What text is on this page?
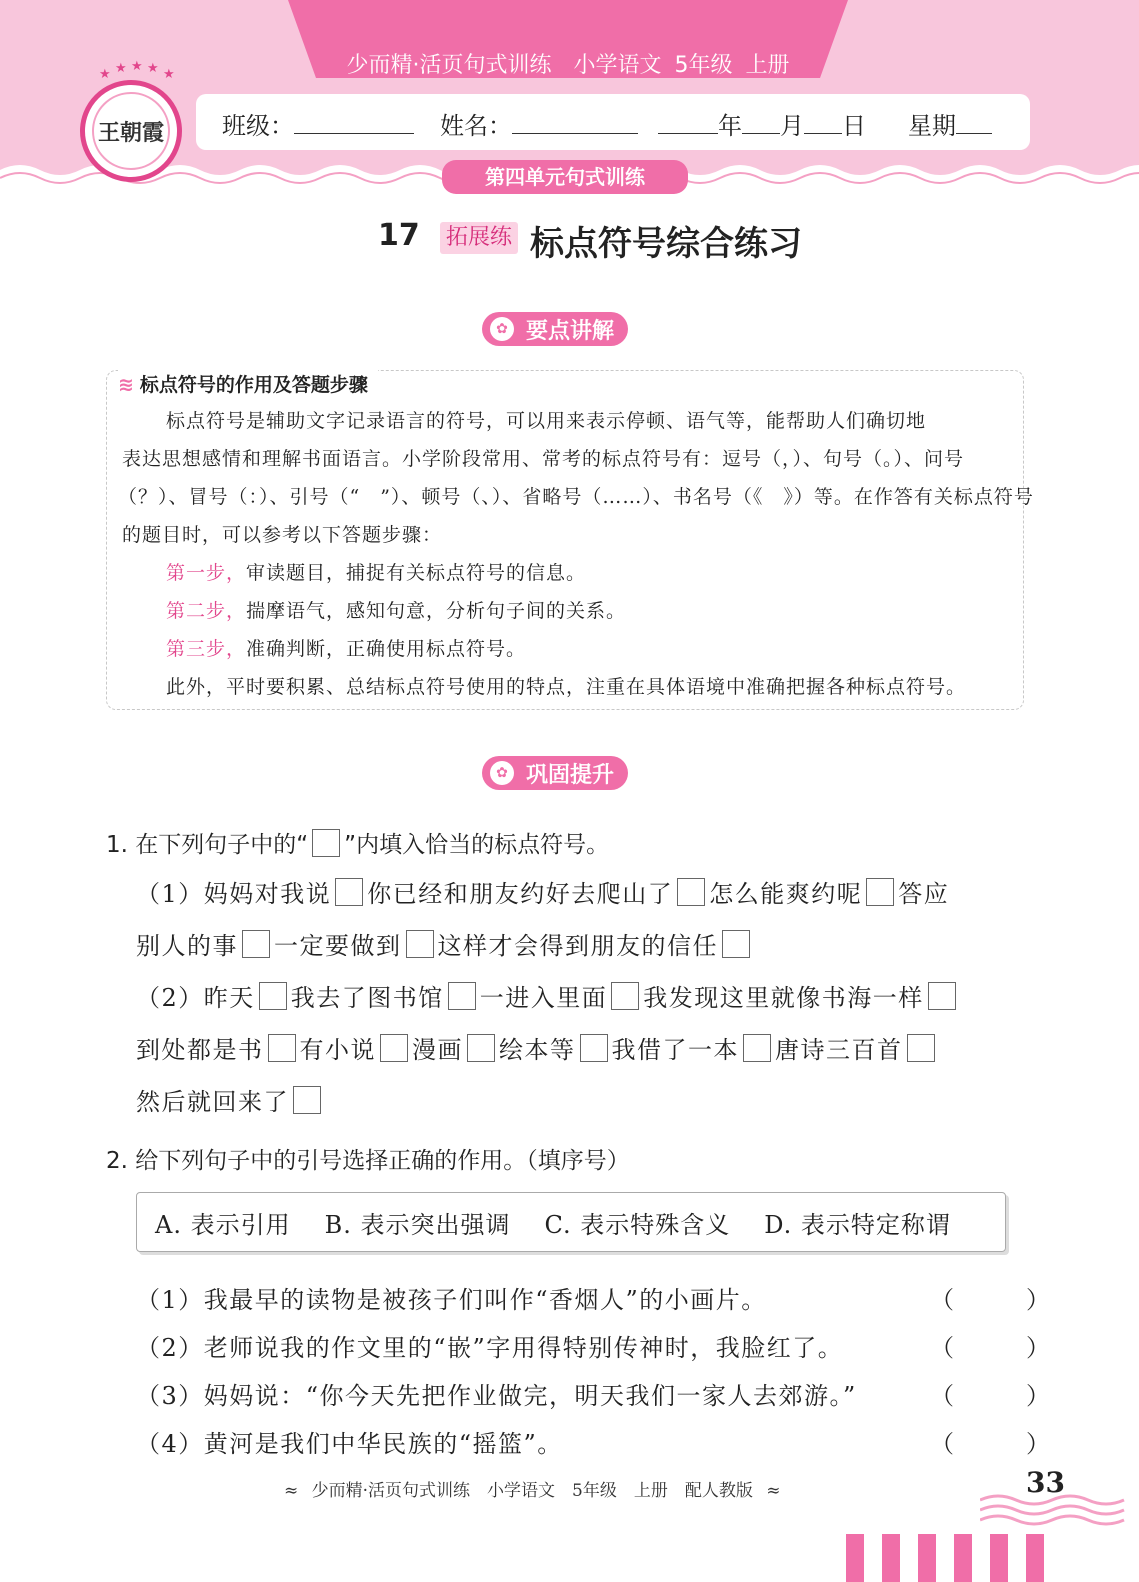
少而精·活页句式训练　小学语文 5年级 上册
★ ★ ★ ★ ★
王朝霞 班级：	姓名：	年 月 日 星期
第四单元句式训练
17 拓展练 标点符号综合练习
✿ 要点讲解
≋ 标点符号的作用及答题步骤
标点符号是辅助文字记录语言的符号，可以用来表示停顿、语气等，能帮助人们确切地
表达思想感情和理解书面语言。小学阶段常用、常考的标点符号有：逗号（，）、句号（。）、问号
（？）、冒号（：）、引号（“　”）、顿号（、）、省略号（……）、书名号（《　》）等。在作答有关标点符号
的题目时，可以参考以下答题步骤：
第一步，审读题目，捕捉有关标点符号的信息。
第二步，揣摩语气，感知句意，分析句子间的关系。
第三步，准确判断，正确使用标点符号。
此外，平时要积累、总结标点符号使用的特点，注重在具体语境中准确把握各种标点符号。
✿ 巩固提升
1. 在下列句子中的“ ”内填入恰当的标点符号。
（1）妈妈对我说 你已经和朋友约好去爬山了 怎么能爽约呢 答应
别人的事 一定要做到 这样才会得到朋友的信任
（2）昨天 我去了图书馆 一进入里面 我发现这里就像书海一样
到处都是书 有小说 漫画 绘本等 我借了一本 唐诗三百首
然后就回来了
2. 给下列句子中的引号选择正确的作用。（填序号）
A. 表示引用 B. 表示突出强调 C. 表示特殊含义 D. 表示特定称谓
（1）我最早的读物是被孩子们叫作“香烟人”的小画片。	（　　　）
（2）老师说我的作文里的“嵌”字用得特别传神时，我脸红了。	（　　　）
（3）妈妈说：“你今天先把作业做完，明天我们一家人去郊游。”	（　　　）
（4）黄河是我们中华民族的“摇篮”。	（　　　）
≈ 少而精·活页句式训练　小学语文　5年级　上册　配人教版 ≈	33
